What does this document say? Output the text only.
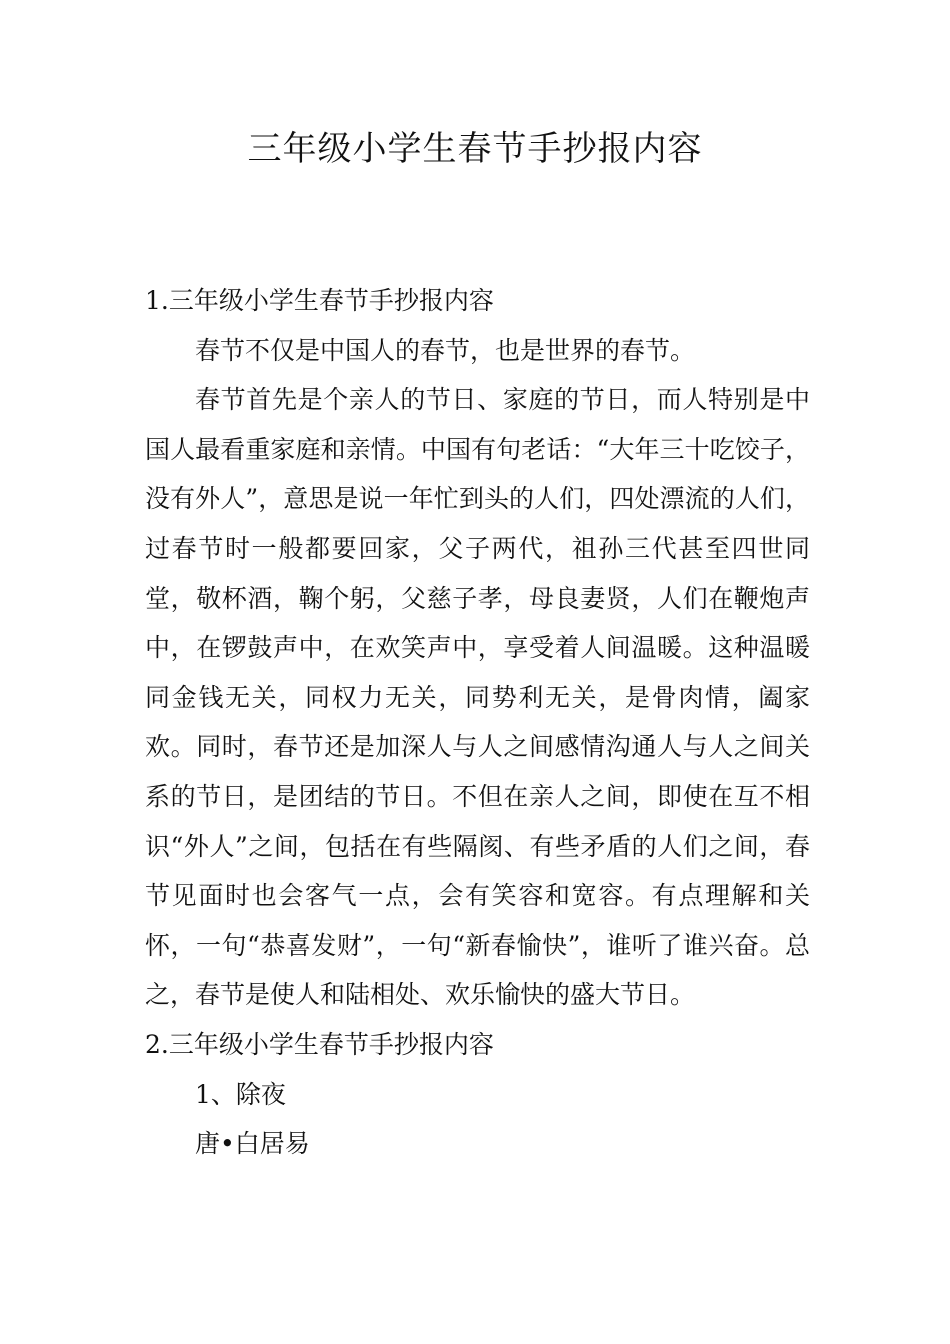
三年级小学生春节手抄报内容

1.三年级小学生春节手抄报内容

春节不仅是中国人的春节，也是世界的春节。

春节首先是个亲人的节日、家庭的节日，而人特别是中国人最看重家庭和亲情。中国有句老话：“大年三十吃饺子，没有外人”，意思是说一年忙到头的人们，四处漂流的人们，过春节时一般都要回家，父子两代，祖孙三代甚至四世同堂，敬杯酒，鞠个躬，父慈子孝，母良妻贤，人们在鞭炮声中，在锣鼓声中，在欢笑声中，享受着人间温暖。这种温暖同金钱无关，同权力无关，同势利无关，是骨肉情，阖家欢。同时，春节还是加深人与人之间感情沟通人与人之间关系的节日，是团结的节日。不但在亲人之间，即使在互不相识“外人”之间，包括在有些隔阂、有些矛盾的人们之间，春节见面时也会客气一点，会有笑容和宽容。有点理解和关怀，一句“恭喜发财”，一句“新春愉快”，谁听了谁兴奋。总之，春节是使人和陆相处、欢乐愉快的盛大节日。

2.三年级小学生春节手抄报内容

1、除夜

唐•白居易
